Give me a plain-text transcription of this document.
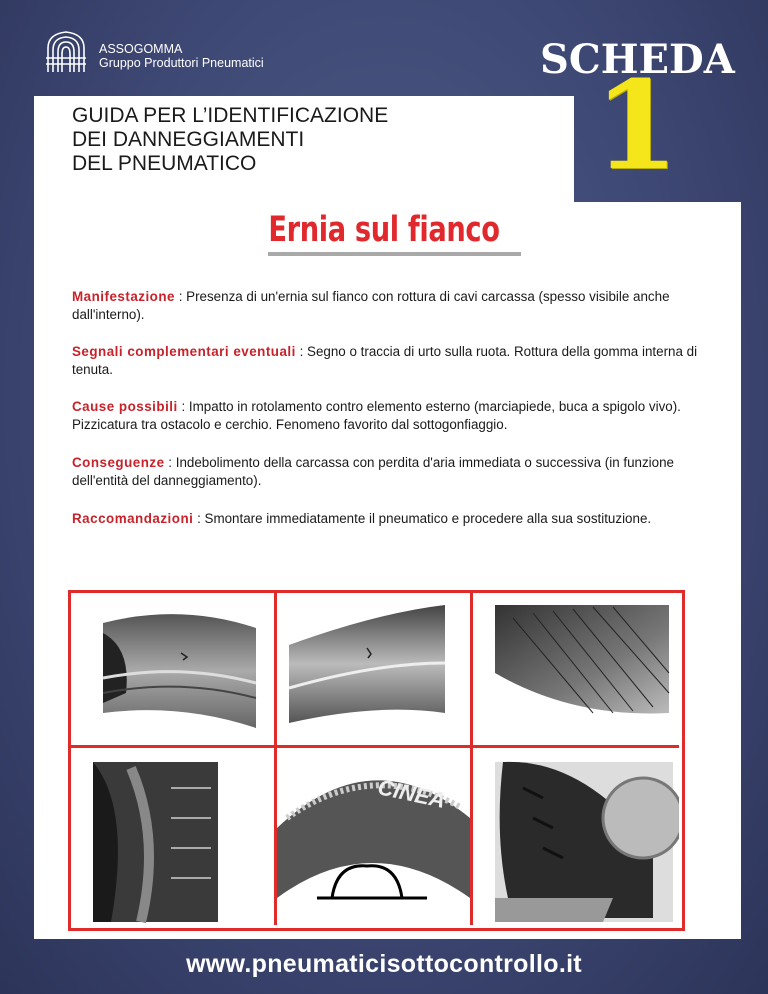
ASSOGOMMA
Gruppo Produttori Pneumatici	SCHEDA
1
GUIDA PER L’IDENTIFICAZIONE
DEI DANNEGGIAMENTI
DEL PNEUMATICO
Ernia sul fianco

Manifestazione : Presenza di un'ernia sul fianco con rottura di cavi carcassa (spesso visibile anche dall'interno).

Segnali complementari eventuali : Segno o traccia di urto sulla ruota. Rottura della gomma interna di tenuta.

Cause possibili : Impatto in rotolamento contro elemento esterno (marciapiede, buca a spigolo vivo). Pizzicatura tra ostacolo e cerchio. Fenomeno favorito dal sottogonfiaggio.

Conseguenze : Indebolimento della carcassa con perdita d'aria immediata o successiva (in funzione dell'entità del danneggiamento).

Raccomandazioni : Smontare immediatamente il pneumatico e procedere alla sua sostituzione.

CINEA
www.pneumaticisottocontrollo.it
